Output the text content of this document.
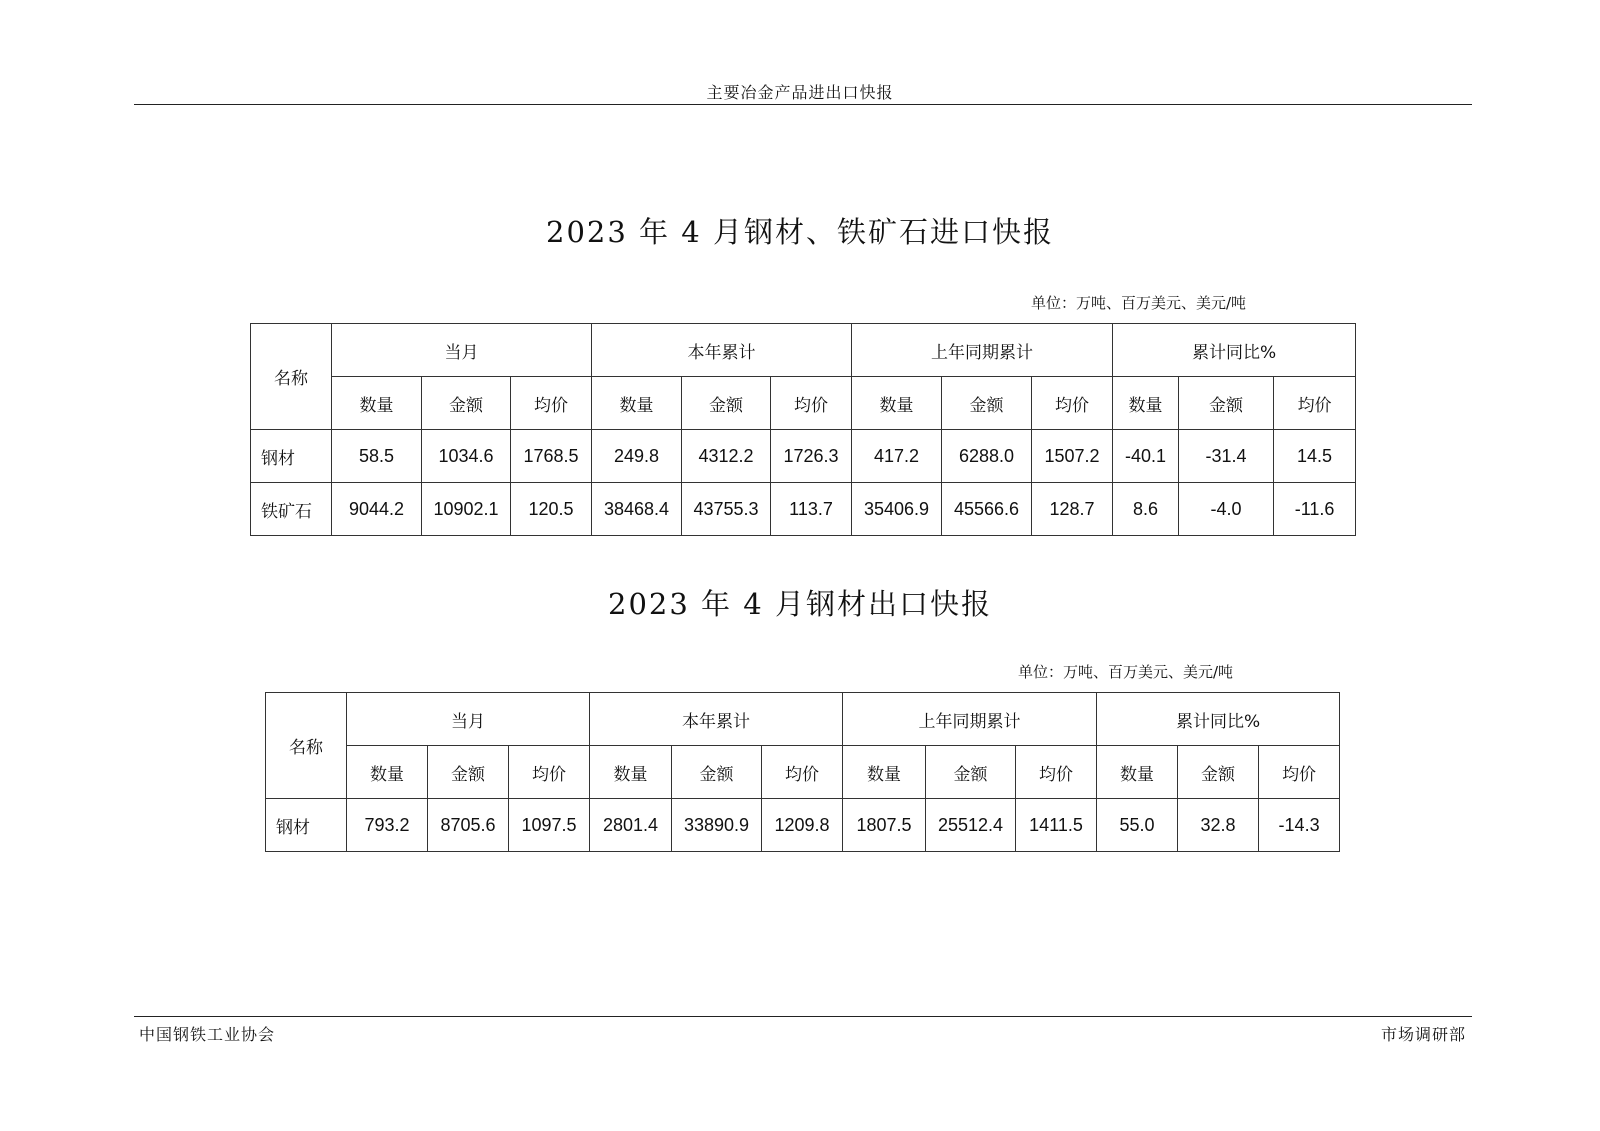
主要冶金产品进出口快报
2023 年 4 月钢材、铁矿石进口快报
单位：万吨、百万美元、美元/吨
名称	当月			本年累计			上年同期累计			累计同比%		
	数量	金额	均价	数量	金额	均价	数量	金额	均价	数量	金额	均价
钢材	58.5	1034.6	1768.5	249.8	4312.2	1726.3	417.2	6288.0	1507.2	-40.1	-31.4	14.5
铁矿石	9044.2	10902.1	120.5	38468.4	43755.3	113.7	35406.9	45566.6	128.7	8.6	-4.0	-11.6
2023 年 4 月钢材出口快报
单位：万吨、百万美元、美元/吨
名称	当月			本年累计			上年同期累计			累计同比%		
	数量	金额	均价	数量	金额	均价	数量	金额	均价	数量	金额	均价
钢材	793.2	8705.6	1097.5	2801.4	33890.9	1209.8	1807.5	25512.4	1411.5	55.0	32.8	-14.3
中国钢铁工业协会	市场调研部
